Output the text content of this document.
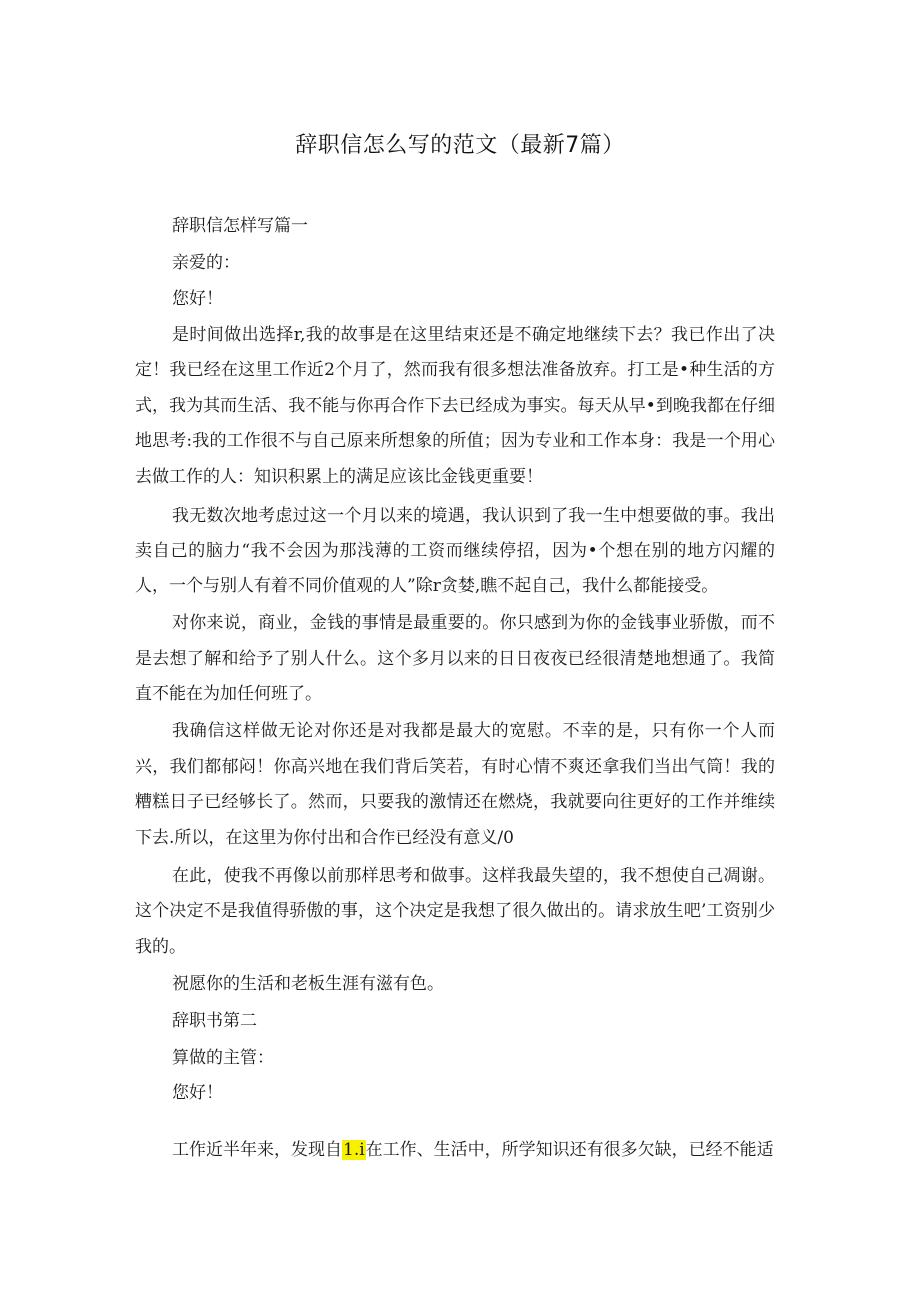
辞职信怎么写的范文（最新7篇）
辞职信怎样写篇一
亲爱的：
您好！
是时间做出选择r,我的故事是在这里结束还是不确定地继续下去？我已作出了决
定！我已经在这里工作近2个月了，然而我有很多想法准备放弃。打工是•种生活的方
式，我为其而生活、我不能与你再合作下去已经成为事实。每天从早•到晚我都在仔细
地思考:我的工作很不与自己原来所想象的所值；因为专业和工作本身：我是一个用心
去做工作的人：知识积累上的满足应该比金钱更重要！
我无数次地考虑过这一个月以来的境遇，我认识到了我一生中想要做的事。我出
卖自己的脑力“我不会因为那浅薄的工资而继续停招，因为•个想在别的地方闪耀的
人，一个与别人有着不同价值观的人”除r贪婪,瞧不起自己，我什么都能接受。
对你来说，商业，金钱的事情是最重要的。你只感到为你的金钱事业骄傲，而不
是去想了解和给予了别人什么。这个多月以来的日日夜夜已经很清楚地想通了。我简
直不能在为加任何班了。
我确信这样做无论对你还是对我都是最大的宽慰。不幸的是，只有你一个人而
兴，我们都郁闷！你高兴地在我们背后笑若，有时心情不爽还拿我们当出气筒！我的
糟糕日子已经够长了。然而，只要我的激情还在燃烧，我就要向往更好的工作并维续
下去.所以，在这里为你付出和合作已经没有意义/0
在此，使我不再像以前那样思考和做事。这样我最失望的，我不想使自己凋谢。
这个决定不是我值得骄傲的事，这个决定是我想了很久做出的。请求放生吧’工资别少
我的。
祝愿你的生活和老板生涯有滋有色。
辞职书第二
算做的主管：
您好！
工作近半年来，发现自1.i在工作、生活中，所学知识还有很多欠缺，已经不能适
